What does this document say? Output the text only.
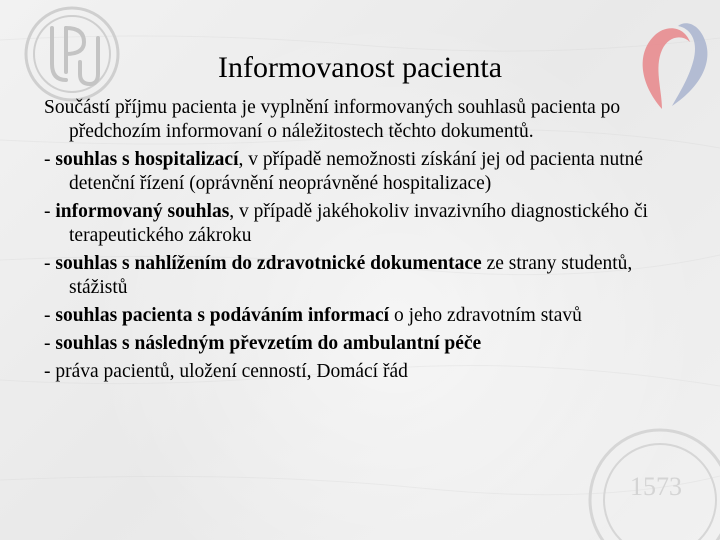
1573
Informovanost pacienta
Součástí příjmu pacienta je vyplnění informovaných souhlasů pacienta po předchozím informovaní o náležitostech těchto dokumentů.
- souhlas s hospitalizací, v případě nemožnosti získání jej od pacienta nutné detenční řízení (oprávnění neoprávněné hospitalizace)
- informovaný souhlas, v případě jakéhokoliv invazivního diagnostického či terapeutického zákroku
- souhlas s nahlížením do zdravotnické dokumentace ze strany studentů, stážistů
- souhlas pacienta s podáváním informací o jeho zdravotním stavů
- souhlas s následným převzetím do ambulantní péče
- práva pacientů, uložení cenností, Domácí řád
